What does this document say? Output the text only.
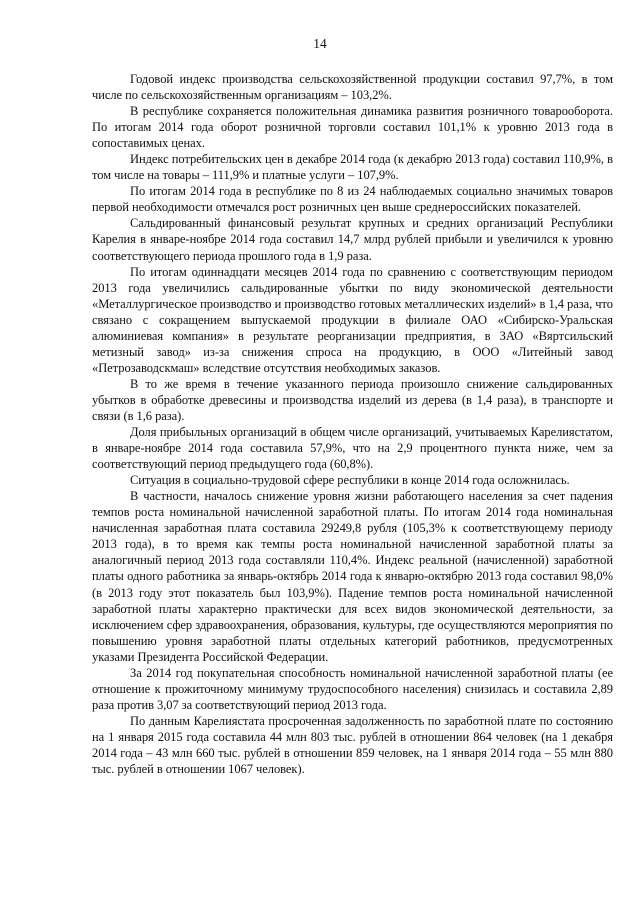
14

Годовой индекс производства сельскохозяйственной продукции составил 97,7%, в том числе по сельскохозяйственным организациям – 103,2%.

В республике сохраняется положительная динамика развития розничного товарооборота. По итогам 2014 года оборот розничной торговли составил 101,1% к уровню 2013 года в сопоставимых ценах.

Индекс потребительских цен в декабре 2014 года (к декабрю 2013 года) составил 110,9%, в том числе на товары – 111,9% и платные услуги – 107,9%.

По итогам 2014 года в республике по 8 из 24 наблюдаемых социально значимых товаров первой необходимости отмечался рост розничных цен выше среднероссийских показателей.

Сальдированный финансовый результат крупных и средних организаций Республики Карелия в январе-ноябре 2014 года составил 14,7 млрд рублей прибыли и увеличился к уровню соответствующего периода прошлого года в 1,9 раза.

По итогам одиннадцати месяцев 2014 года по сравнению с соответствующим периодом 2013 года увеличились сальдированные убытки по виду экономической деятельности «Металлургическое производство и производство готовых металлических изделий» в 1,4 раза, что связано с сокращением выпускаемой продукции в филиале ОАО «Сибирско-Уральская алюминиевая компания» в результате реорганизации предприятия, в ЗАО «Вяртсильский метизный завод» из-за снижения спроса на продукцию, в ООО «Литейный завод «Петрозаводскмаш» вследствие отсутствия необходимых заказов.

В то же время в течение указанного периода произошло снижение сальдированных убытков в обработке древесины и производства изделий из дерева (в 1,4 раза), в транспорте и связи (в 1,6 раза).

Доля прибыльных организаций в общем числе организаций, учитываемых Карелиястатом, в январе-ноябре 2014 года составила 57,9%, что на 2,9 процентного пункта ниже, чем за соответствующий период предыдущего года (60,8%).

Ситуация в социально-трудовой сфере республики в конце 2014 года осложнилась.

В частности, началось снижение уровня жизни работающего населения за счет падения темпов роста номинальной начисленной заработной платы. По итогам 2014 года номинальная начисленная заработная плата составила 29249,8 рубля (105,3% к соответствующему периоду 2013 года), в то время как темпы роста номинальной начисленной заработной платы за аналогичный период 2013 года составляли 110,4%. Индекс реальной (начисленной) заработной платы одного работника за январь-октябрь 2014 года к январю-октябрю 2013 года составил 98,0% (в 2013 году этот показатель был 103,9%). Падение темпов роста номинальной начисленной заработной платы характерно практически для всех видов экономической деятельности, за исключением сфер здравоохранения, образования, культуры, где осуществляются мероприятия по повышению уровня заработной платы отдельных категорий работников, предусмотренных указами Президента Российской Федерации.

За 2014 год покупательная способность номинальной начисленной заработной платы (ее отношение к прожиточному минимуму трудоспособного населения) снизилась и составила 2,89 раза против 3,07 за соответствующий период 2013 года.

По данным Карелиястата просроченная задолженность по заработной плате по состоянию на 1 января 2015 года составила 44 млн 803 тыс. рублей в отношении 864 человек (на 1 декабря 2014 года – 43 млн 660 тыс. рублей в отношении 859 человек, на 1 января 2014 года – 55 млн 880 тыс. рублей в отношении 1067 человек).
